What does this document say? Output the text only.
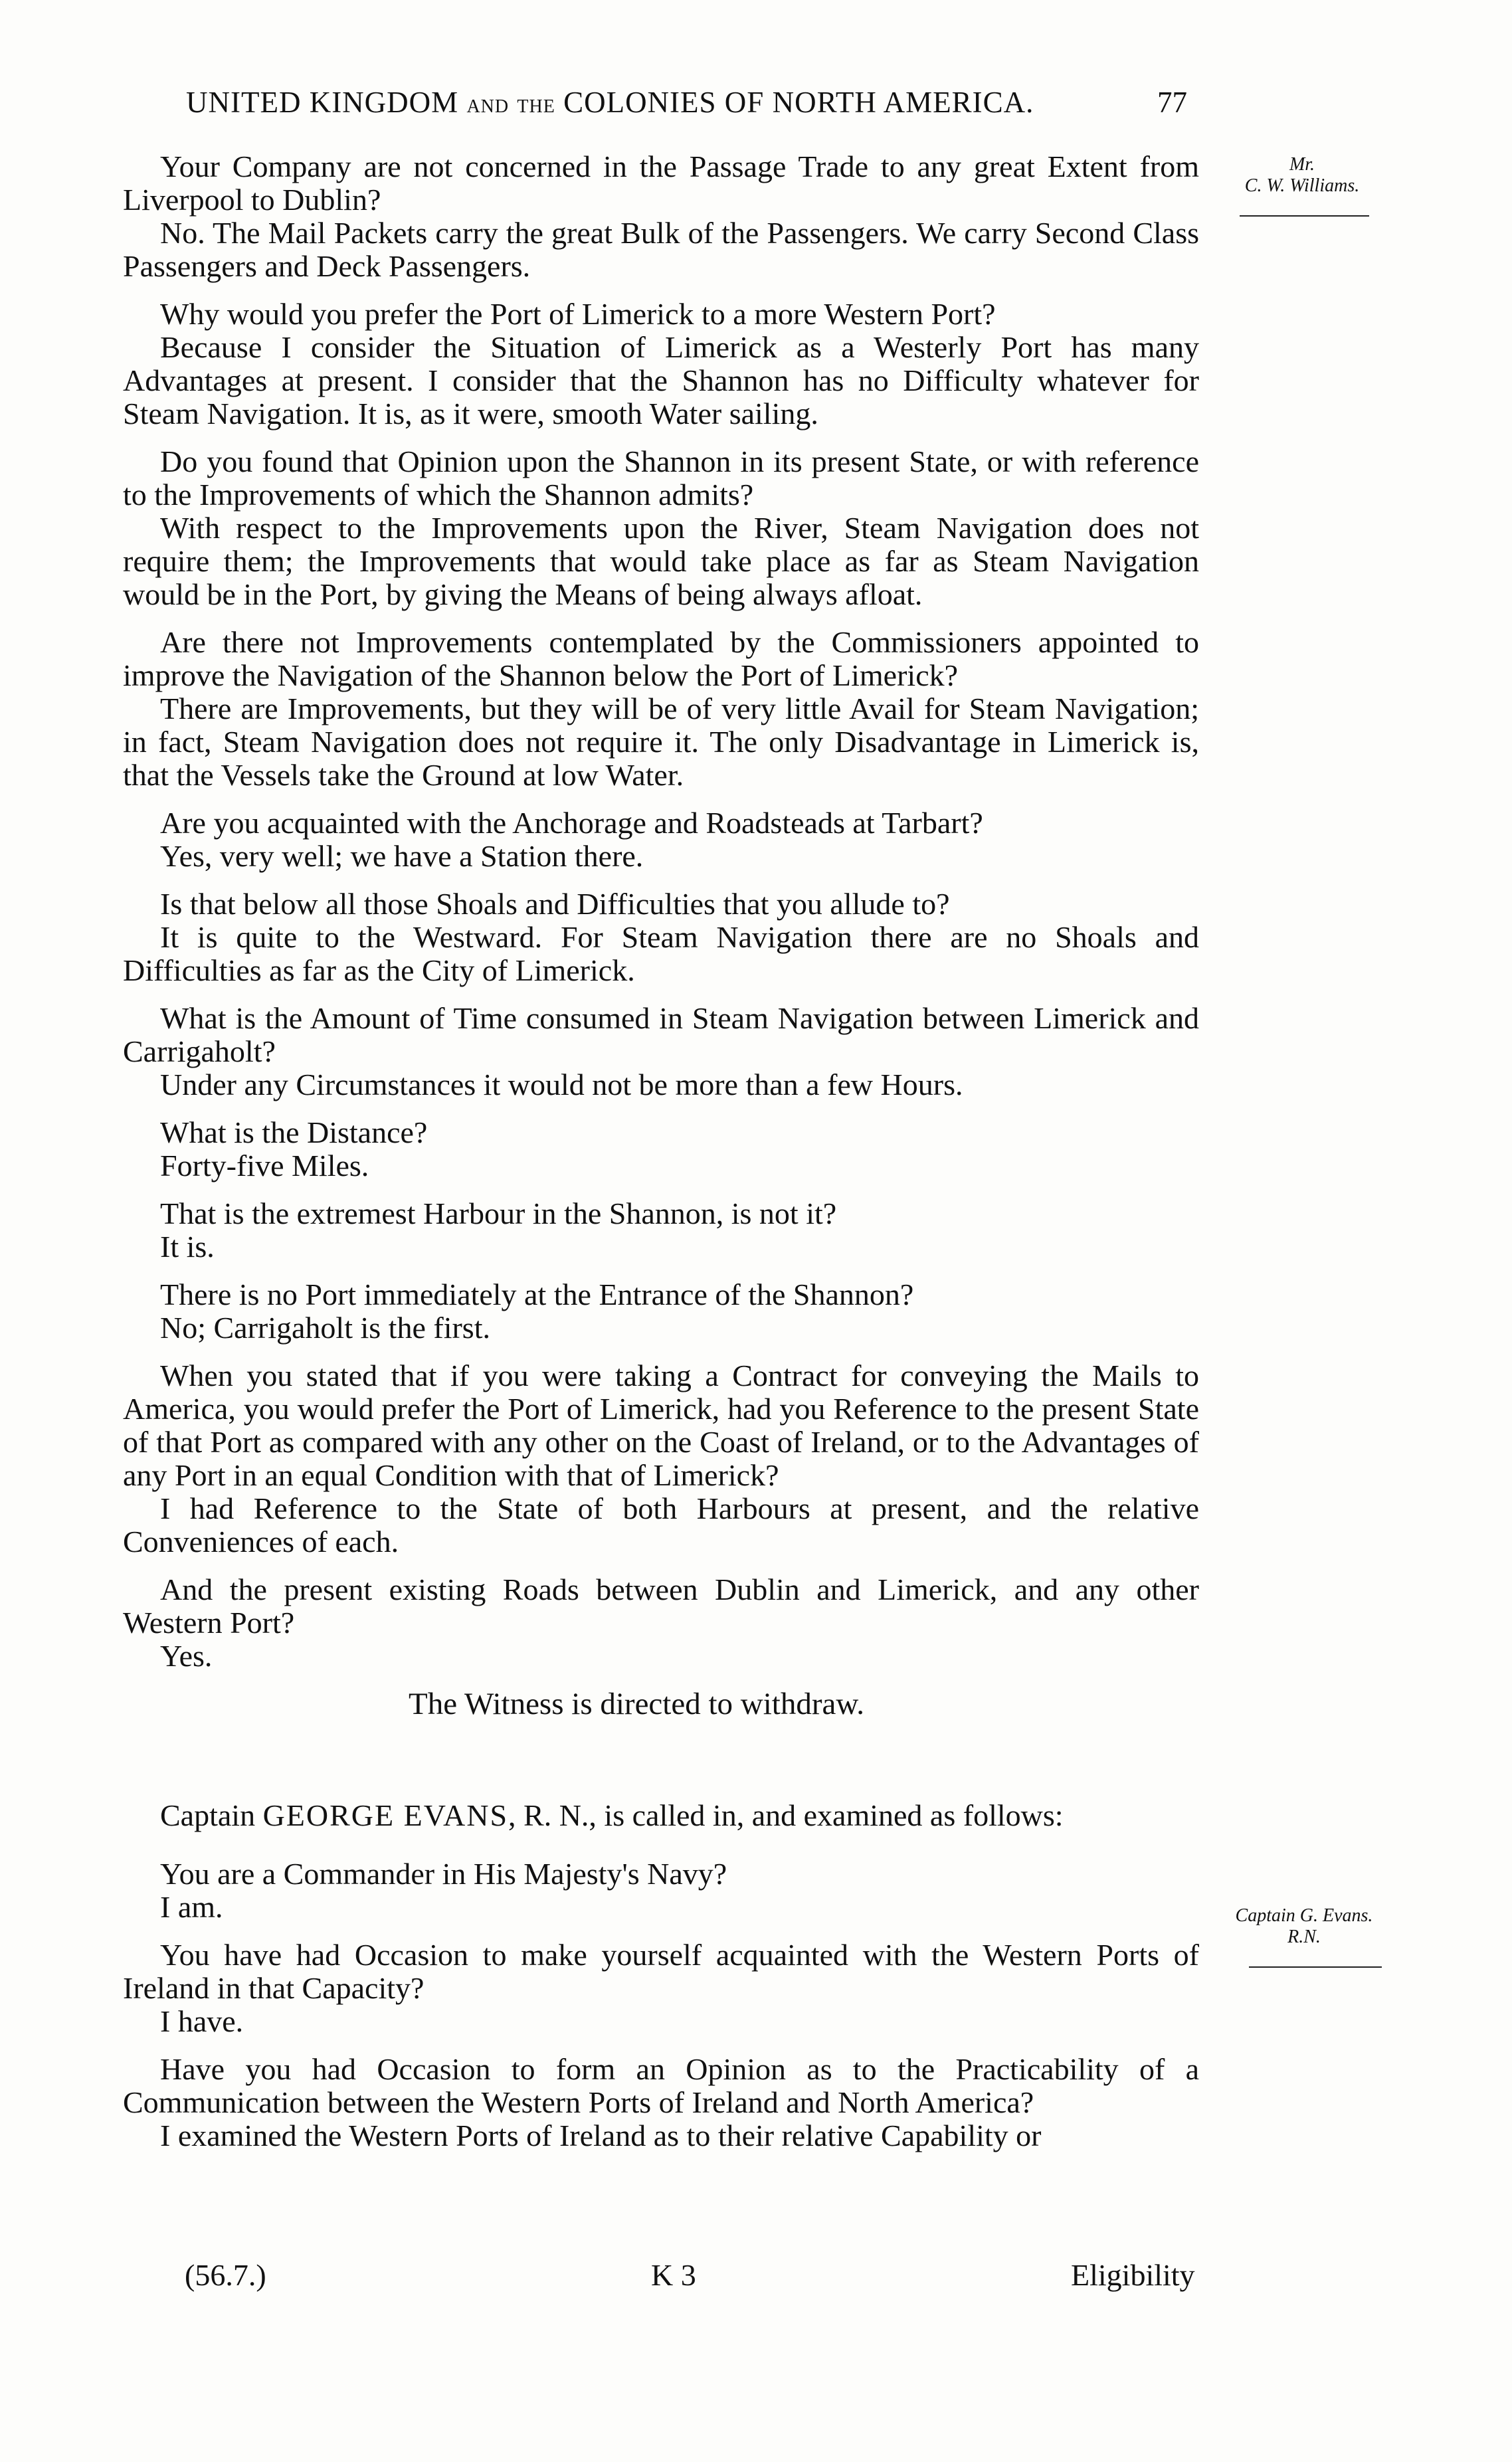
UNITED KINGDOM AND THE COLONIES OF NORTH AMERICA.	77
Mr.
C. W. Williams.
Captain G. Evans.
R.N.

Your Company are not concerned in the Passage Trade to any great Extent from Liverpool to Dublin?

No. The Mail Packets carry the great Bulk of the Passengers. We carry Second Class Passengers and Deck Passengers.

Why would you prefer the Port of Limerick to a more Western Port?

Because I consider the Situation of Limerick as a Westerly Port has many Advantages at present. I consider that the Shannon has no Difficulty whatever for Steam Navigation. It is, as it were, smooth Water sailing.

Do you found that Opinion upon the Shannon in its present State, or with reference to the Improvements of which the Shannon admits?

With respect to the Improvements upon the River, Steam Navigation does not require them; the Improvements that would take place as far as Steam Navigation would be in the Port, by giving the Means of being always afloat.

Are there not Improvements contemplated by the Commissioners appointed to improve the Navigation of the Shannon below the Port of Limerick?

There are Improvements, but they will be of very little Avail for Steam Navigation; in fact, Steam Navigation does not require it. The only Disadvantage in Limerick is, that the Vessels take the Ground at low Water.

Are you acquainted with the Anchorage and Roadsteads at Tarbart?

Yes, very well; we have a Station there.

Is that below all those Shoals and Difficulties that you allude to?

It is quite to the Westward. For Steam Navigation there are no Shoals and Difficulties as far as the City of Limerick.

What is the Amount of Time consumed in Steam Navigation between Limerick and Carrigaholt?

Under any Circumstances it would not be more than a few Hours.

What is the Distance?

Forty-five Miles.

That is the extremest Harbour in the Shannon, is not it?

It is.

There is no Port immediately at the Entrance of the Shannon?

No; Carrigaholt is the first.

When you stated that if you were taking a Contract for conveying the Mails to America, you would prefer the Port of Limerick, had you Reference to the present State of that Port as compared with any other on the Coast of Ireland, or to the Advantages of any Port in an equal Condition with that of Limerick?

I had Reference to the State of both Harbours at present, and the relative Conveniences of each.

And the present existing Roads between Dublin and Limerick, and any other Western Port?

Yes.

The Witness is directed to withdraw.

Captain GEORGE EVANS, R. N., is called in, and examined as follows:

You are a Commander in His Majesty's Navy?

I am.

You have had Occasion to make yourself acquainted with the Western Ports of Ireland in that Capacity?

I have.

Have you had Occasion to form an Opinion as to the Practicability of a Communication between the Western Ports of Ireland and North America?

I examined the Western Ports of Ireland as to their relative Capability or

(56.7.)	K 3	Eligibility
